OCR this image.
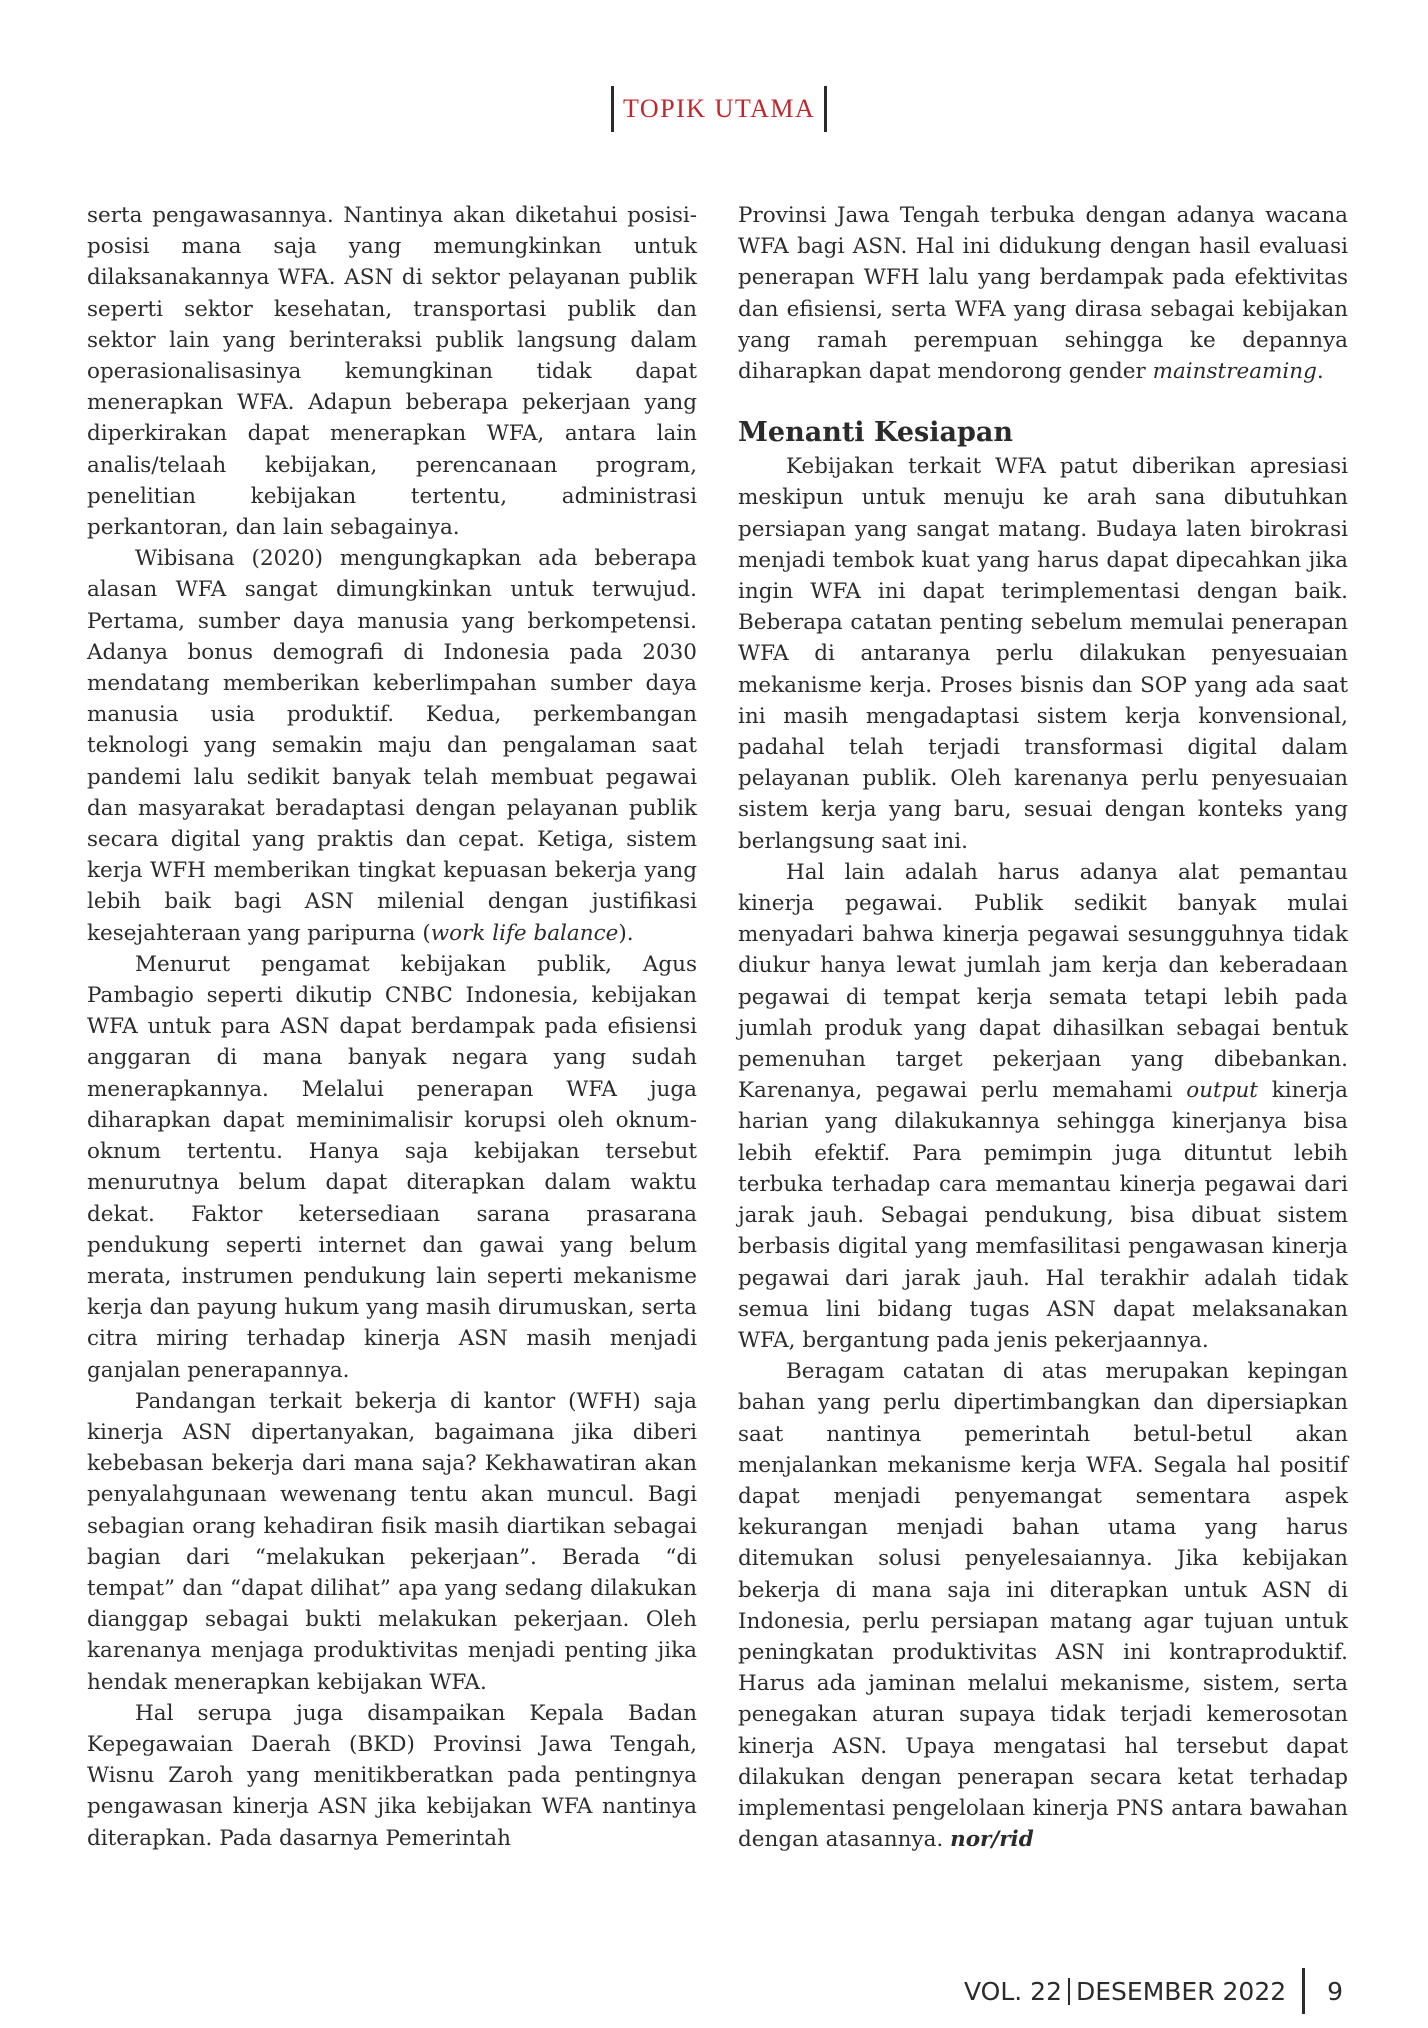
TOPIK UTAMA

serta pengawasannya. Nantinya akan diketahui posisi-posisi mana saja yang memungkinkan untuk dilaksanakannya WFA. ASN di sektor pelayanan publik seperti sektor kesehatan, transportasi publik dan sektor lain yang berinteraksi publik langsung dalam operasionalisasinya kemungkinan tidak dapat menerapkan WFA. Adapun beberapa pekerjaan yang diperkirakan dapat menerapkan WFA, antara lain analis/telaah kebijakan, perencanaan program, penelitian kebijakan tertentu, administrasi perkantoran, dan lain sebagainya.

Wibisana (2020) mengungkapkan ada beberapa alasan WFA sangat dimungkinkan untuk terwujud. Pertama, sumber daya manusia yang berkompetensi. Adanya bonus demografi di Indonesia pada 2030 mendatang memberikan keberlimpahan sumber daya manusia usia produktif. Kedua, perkembangan teknologi yang semakin maju dan pengalaman saat pandemi lalu sedikit banyak telah membuat pegawai dan masyarakat beradaptasi dengan pelayanan publik secara digital yang praktis dan cepat. Ketiga, sistem kerja WFH memberikan tingkat kepuasan bekerja yang lebih baik bagi ASN milenial dengan justifikasi kesejahteraan yang paripurna (work life balance).

Menurut pengamat kebijakan publik, Agus Pambagio seperti dikutip CNBC Indonesia, kebijakan WFA untuk para ASN dapat berdampak pada efisiensi anggaran di mana banyak negara yang sudah menerapkannya. Melalui penerapan WFA juga diharapkan dapat meminimalisir korupsi oleh oknum-oknum tertentu. Hanya saja kebijakan tersebut menurutnya belum dapat diterapkan dalam waktu dekat. Faktor ketersediaan sarana prasarana pendukung seperti internet dan gawai yang belum merata, instrumen pendukung lain seperti mekanisme kerja dan payung hukum yang masih dirumuskan, serta citra miring terhadap kinerja ASN masih menjadi ganjalan penerapannya.

Pandangan terkait bekerja di kantor (WFH) saja kinerja ASN dipertanyakan, bagaimana jika diberi kebebasan bekerja dari mana saja? Kekhawatiran akan penyalahgunaan wewenang tentu akan muncul. Bagi sebagian orang kehadiran fisik masih diartikan sebagai bagian dari “melakukan pekerjaan”. Berada “di tempat” dan “dapat dilihat” apa yang sedang dilakukan dianggap sebagai bukti melakukan pekerjaan. Oleh karenanya menjaga produktivitas menjadi penting jika hendak menerapkan kebijakan WFA.

Hal serupa juga disampaikan Kepala Badan Kepegawaian Daerah (BKD) Provinsi Jawa Tengah, Wisnu Zaroh yang menitikberatkan pada pentingnya pengawasan kinerja ASN jika kebijakan WFA nantinya diterapkan. Pada dasarnya Pemerintah

Provinsi Jawa Tengah terbuka dengan adanya wacana WFA bagi ASN. Hal ini didukung dengan hasil evaluasi penerapan WFH lalu yang berdampak pada efektivitas dan efisiensi, serta WFA yang dirasa sebagai kebijakan yang ramah perempuan sehingga ke depannya diharapkan dapat mendorong gender mainstreaming.

Menanti Kesiapan

Kebijakan terkait WFA patut diberikan apresiasi meskipun untuk menuju ke arah sana dibutuhkan persiapan yang sangat matang. Budaya laten birokrasi menjadi tembok kuat yang harus dapat dipecahkan jika ingin WFA ini dapat terimplementasi dengan baik. Beberapa catatan penting sebelum memulai penerapan WFA di antaranya perlu dilakukan penyesuaian mekanisme kerja. Proses bisnis dan SOP yang ada saat ini masih mengadaptasi sistem kerja konvensional, padahal telah terjadi transformasi digital dalam pelayanan publik. Oleh karenanya perlu penyesuaian sistem kerja yang baru, sesuai dengan konteks yang berlangsung saat ini.

Hal lain adalah harus adanya alat pemantau kinerja pegawai. Publik sedikit banyak mulai menyadari bahwa kinerja pegawai sesungguhnya tidak diukur hanya lewat jumlah jam kerja dan keberadaan pegawai di tempat kerja semata tetapi lebih pada jumlah produk yang dapat dihasilkan sebagai bentuk pemenuhan target pekerjaan yang dibebankan. Karenanya, pegawai perlu memahami output kinerja harian yang dilakukannya sehingga kinerjanya bisa lebih efektif. Para pemimpin juga dituntut lebih terbuka terhadap cara memantau kinerja pegawai dari jarak jauh. Sebagai pendukung, bisa dibuat sistem berbasis digital yang memfasilitasi pengawasan kinerja pegawai dari jarak jauh. Hal terakhir adalah tidak semua lini bidang tugas ASN dapat melaksanakan WFA, bergantung pada jenis pekerjaannya.

Beragam catatan di atas merupakan kepingan bahan yang perlu dipertimbangkan dan dipersiapkan saat nantinya pemerintah betul-betul akan menjalankan mekanisme kerja WFA. Segala hal positif dapat menjadi penyemangat sementara aspek kekurangan menjadi bahan utama yang harus ditemukan solusi penyelesaiannya. Jika kebijakan bekerja di mana saja ini diterapkan untuk ASN di Indonesia, perlu persiapan matang agar tujuan untuk peningkatan produktivitas ASN ini kontraproduktif. Harus ada jaminan melalui mekanisme, sistem, serta penegakan aturan supaya tidak terjadi kemerosotan kinerja ASN. Upaya mengatasi hal tersebut dapat dilakukan dengan penerapan secara ketat terhadap implementasi pengelolaan kinerja PNS antara bawahan dengan atasannya. nor/rid

VOL. 22 DESEMBER 2022 9
